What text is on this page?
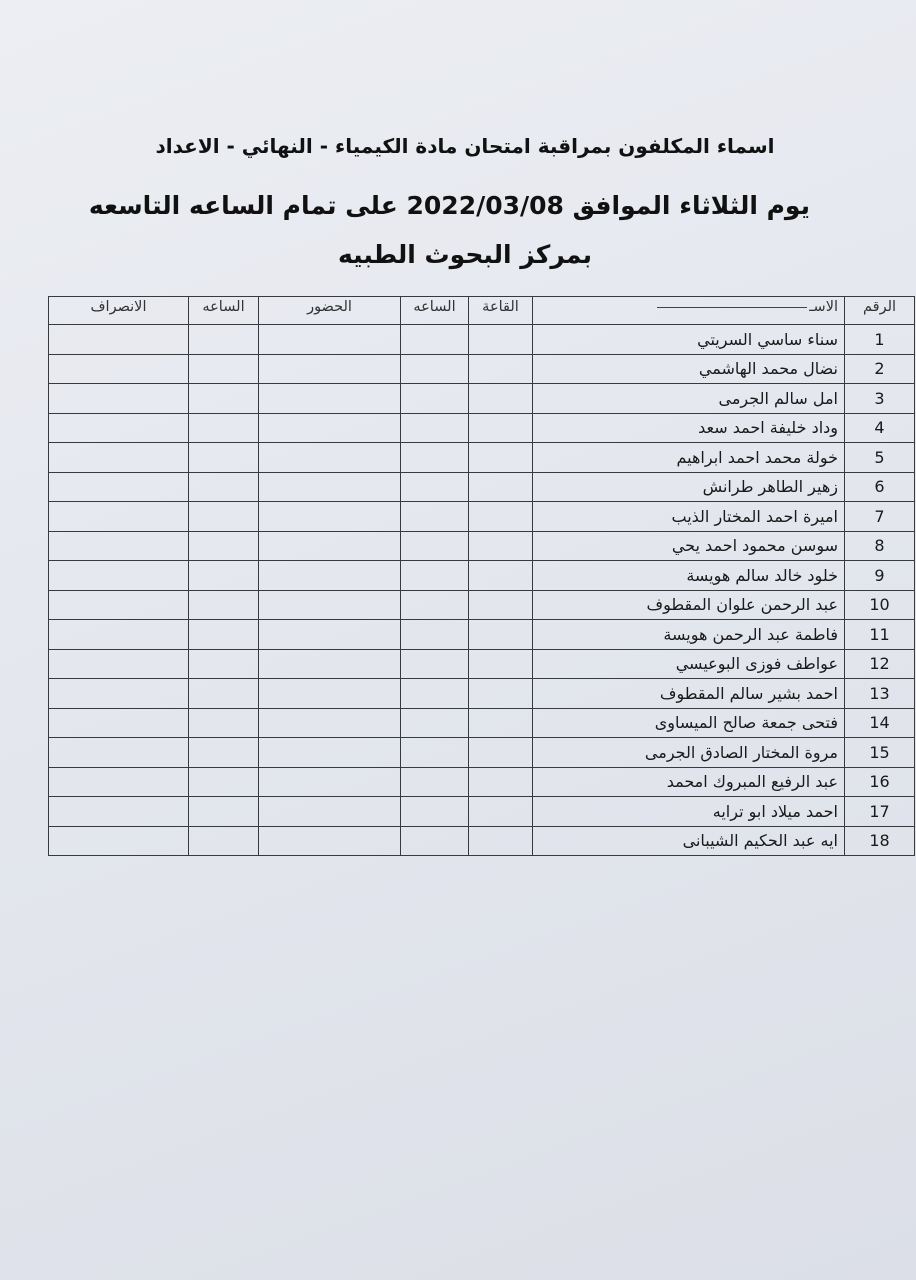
اسماء المكلفون بمراقبة امتحان مادة الكيمياء - النهائي - الاعداد
يوم الثلاثاء الموافق 2022/03/08 على تمام الساعه التاسعه
بمركز البحوث الطبيه
الرقم	الاسـ	القاعة	الساعه	الحضور	الساعه	الانصراف
1	سناء ساسي السريتي					
2	نضال محمد الهاشمي					
3	امل سالم الجرمى					
4	وداد خليفة احمد سعد					
5	خولة محمد احمد ابراهيم					
6	زهير الطاهر طرانش					
7	اميرة احمد المختار الذيب					
8	سوسن محمود احمد يحي					
9	خلود خالد سالم هويسة					
10	عبد الرحمن علوان المقطوف					
11	فاطمة عبد الرحمن هويسة					
12	عواطف فوزى البوعيسي					
13	احمد بشير سالم المقطوف					
14	فتحى جمعة صالح الميساوى					
15	مروة المختار الصادق الجرمى					
16	عبد الرفيع المبروك امحمد					
17	احمد ميلاد ابو ترايه					
18	ايه عبد الحكيم الشيبانى					
